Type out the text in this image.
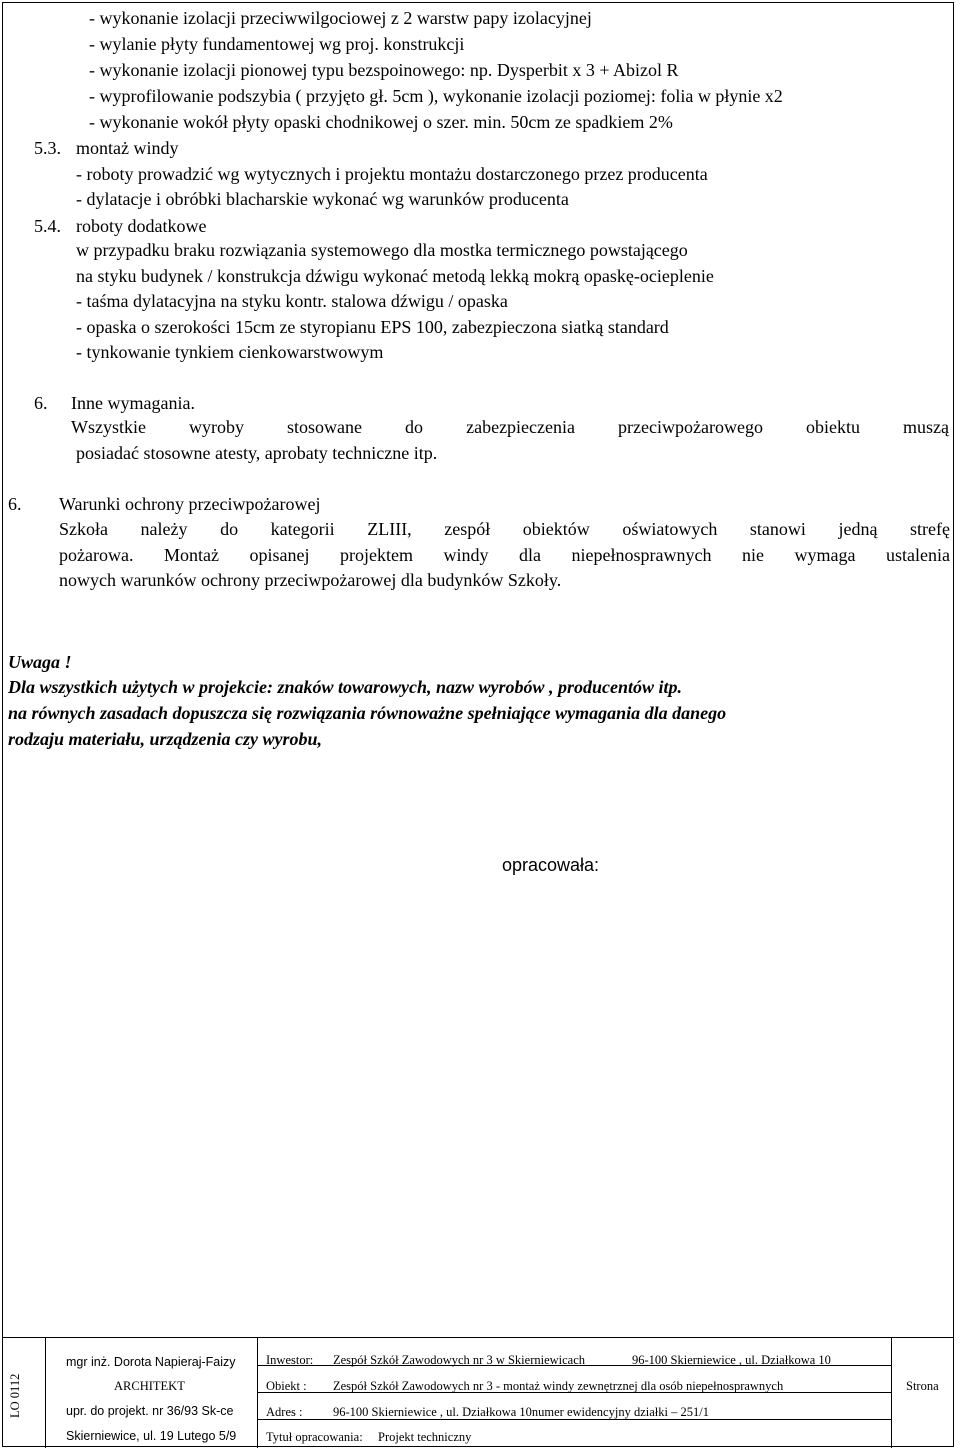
- wykonanie izolacji przeciwwilgociowej z 2 warstw papy izolacyjnej
- wylanie płyty fundamentowej wg proj. konstrukcji
- wykonanie izolacji pionowej typu bezspoinowego: np. Dysperbit x 3 + Abizol R
- wyprofilowanie podszybia ( przyjęto gł. 5cm ), wykonanie izolacji poziomej: folia w płynie x2
- wykonanie wokół płyty opaski chodnikowej o szer. min. 50cm ze spadkiem 2%
5.3. montaż windy
- roboty prowadzić wg wytycznych i projektu montażu dostarczonego przez producenta
- dylatacje i obróbki blacharskie wykonać wg warunków producenta
5.4. roboty dodatkowe
w przypadku braku rozwiązania systemowego dla mostka termicznego powstającego
na styku budynek / konstrukcja dźwigu wykonać metodą lekką mokrą opaskę-ocieplenie
- taśma dylatacyjna na styku kontr. stalowa dźwigu / opaska
- opaska o szerokości 15cm ze styropianu EPS 100, zabezpieczona siatką standard
- tynkowanie tynkiem cienkowarstwowym
6. Inne wymagania.
Wszystkie wyroby stosowane do zabezpieczenia przeciwpożarowego obiektu muszą
posiadać stosowne atesty, aprobaty techniczne itp.
6. Warunki ochrony przeciwpożarowej
Szkoła należy do kategorii ZLIII, zespół obiektów oświatowych stanowi jedną strefę
pożarowa. Montaż opisanej projektem windy dla niepełnosprawnych nie wymaga ustalenia
nowych warunków ochrony przeciwpożarowej dla budynków Szkoły.
Uwaga !
Dla wszystkich użytych w projekcie: znaków towarowych, nazw wyrobów , producentów itp.
na równych zasadach dopuszcza się rozwiązania równoważne spełniające wymagania dla danego
rodzaju materiału, urządzenia czy wyrobu,
opracowała:
LO 0112
mgr inż. Dorota Napieraj-Faizy
ARCHITEKT
upr. do projekt. nr 36/93 Sk-ce
Skierniewice, ul. 19 Lutego 5/9
Inwestor: Zespół Szkół Zawodowych nr 3 w Skierniewicach	96-100 Skierniewice , ul. Działkowa 10
Obiekt : Zespół Szkół Zawodowych nr 3 - montaż windy zewnętrznej dla osób niepełnosprawnych
Adres : 96-100 Skierniewice , ul. Działkowa 10numer ewidencyjny działki – 251/1
Tytuł opracowania: Projekt techniczny
Strona
